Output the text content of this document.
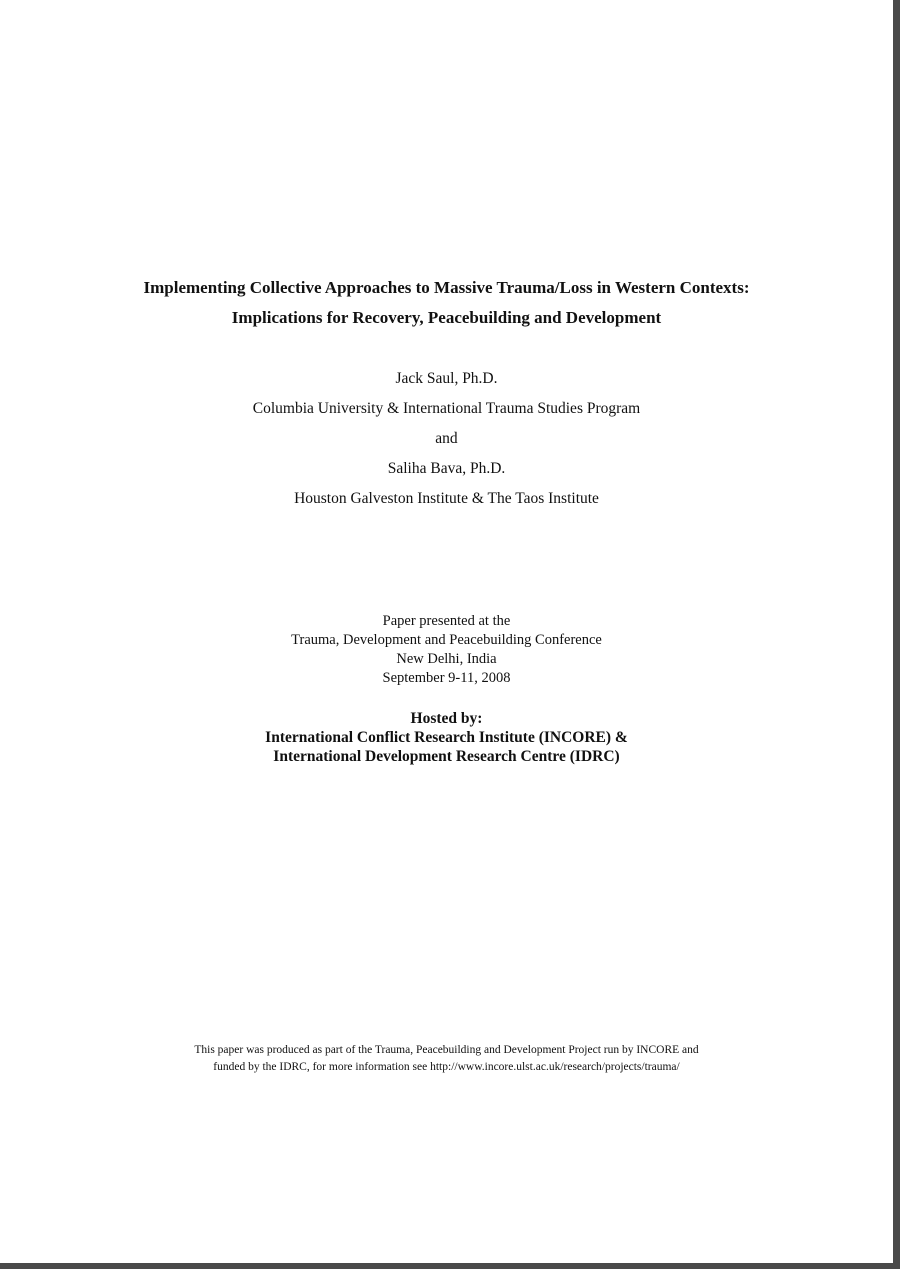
Implementing Collective Approaches to Massive Trauma/Loss in Western Contexts:
Implications for Recovery, Peacebuilding and Development
Jack Saul, Ph.D.
Columbia University & International Trauma Studies Program
and
Saliha Bava, Ph.D.
Houston Galveston Institute & The Taos Institute
Paper presented at the
Trauma, Development and Peacebuilding Conference
New Delhi, India
September 9-11, 2008
Hosted by:
International Conflict Research Institute (INCORE) &
International Development Research Centre (IDRC)
This paper was produced as part of the Trauma, Peacebuilding and Development Project run by INCORE and
funded by the IDRC, for more information see http://www.incore.ulst.ac.uk/research/projects/trauma/
